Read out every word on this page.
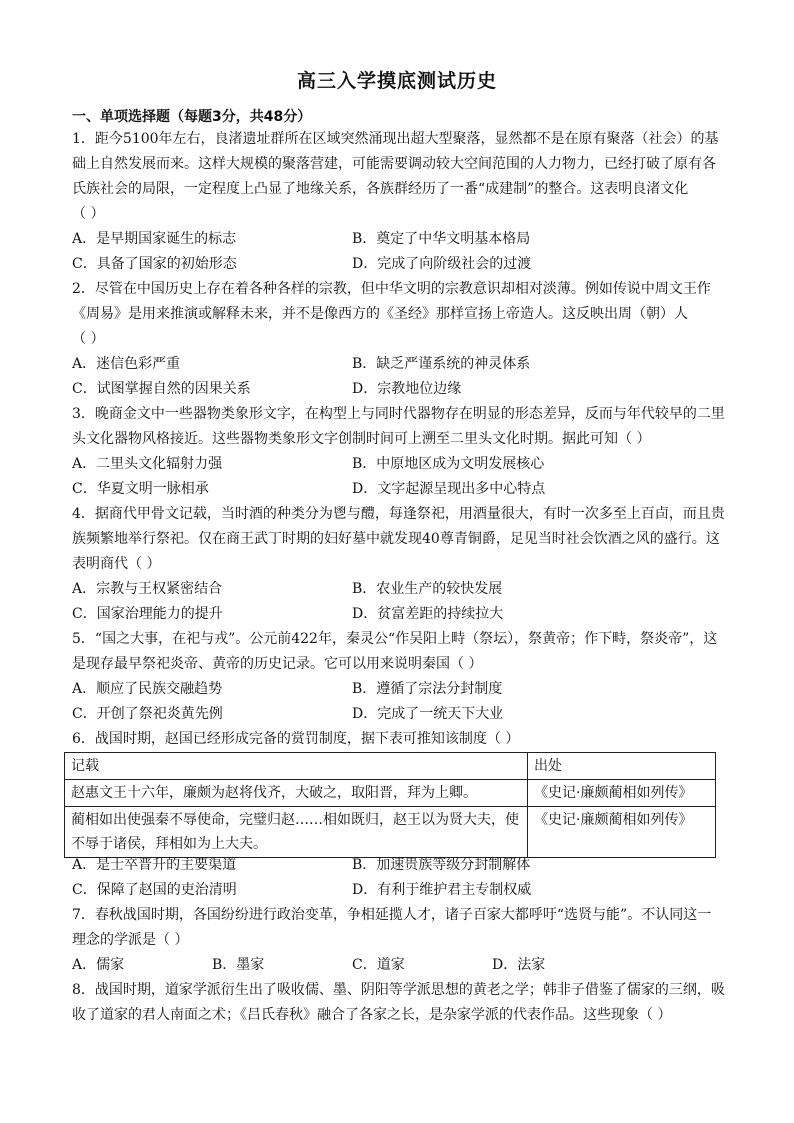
高三入学摸底测试历史
一、单项选择题（每题3分，共48分）

1．距今5100年左右，良渚遗址群所在区域突然涌现出超大型聚落，显然都不是在原有聚落（社会）的基

础上自然发展而来。这样大规模的聚落营建，可能需要调动较大空间范围的人力物力，已经打破了原有各

氏族社会的局限，一定程度上凸显了地缘关系，各族群经历了一番“成建制”的整合。这表明良渚文化

（ ）

A．是早期国家诞生的标志	B．奠定了中华文明基本格局
C．具备了国家的初始形态	D．完成了向阶级社会的过渡

2．尽管在中国历史上存在着各种各样的宗教，但中华文明的宗教意识却相对淡薄。例如传说中周文王作

《周易》是用来推演或解释未来，并不是像西方的《圣经》那样宣扬上帝造人。这反映出周（朝）人

（ ）

A．迷信色彩严重	B．缺乏严谨系统的神灵体系
C．试图掌握自然的因果关系	D．宗教地位边缘

3．晚商金文中一些器物类象形文字，在构型上与同时代器物存在明显的形态差异，反而与年代较早的二里

头文化器物风格接近。这些器物类象形文字创制时间可上溯至二里头文化时期。据此可知（ ）

A．二里头文化辐射力强	B．中原地区成为文明发展核心
C．华夏文明一脉相承	D．文字起源呈现出多中心特点

4．据商代甲骨文记载，当时酒的种类分为鬯与醴，每逢祭祀，用酒量很大，有时一次多至上百卣，而且贵

族频繁地举行祭祀。仅在商王武丁时期的妇好墓中就发现40尊青铜爵，足见当时社会饮酒之风的盛行。这

表明商代（ ）

A．宗教与王权紧密结合	B．农业生产的较快发展
C．国家治理能力的提升	D．贫富差距的持续拉大

5．“国之大事，在祀与戎”。公元前422年，秦灵公“作吴阳上畤（祭坛），祭黄帝；作下畤，祭炎帝”，这

是现存最早祭祀炎帝、黄帝的历史记录。它可以用来说明秦国（ ）

A．顺应了民族交融趋势	B．遵循了宗法分封制度
C．开创了祭祀炎黄先例	D．完成了一统天下大业

6．战国时期，赵国已经形成完备的赏罚制度，据下表可推知该制度（ ）

记载	出处
赵惠文王十六年，廉颇为赵将伐齐，大破之，取阳晋，拜为上卿。	《史记·廉颇蔺相如列传》

蔺相如出使强秦不辱使命，完璧归赵……相如既归，赵王以为贤大夫，使
不辱于诸侯，拜相如为上大夫。	《史记·廉颇蔺相如列传》
A．是士卒晋升的主要渠道	B．加速贵族等级分封制解体
C．保障了赵国的吏治清明	D．有利于维护君主专制权威

7．春秋战国时期，各国纷纷进行政治变革，争相延揽人才，诸子百家大都呼吁“选贤与能”。不认同这一

理念的学派是（ ）

A．儒家	B．墨家	C．道家	D．法家

8．战国时期，道家学派衍生出了吸收儒、墨、阴阳等学派思想的黄老之学；韩非子借鉴了儒家的三纲，吸

收了道家的君人南面之术；《吕氏春秋》融合了各家之长，是杂家学派的代表作品。这些现象（ ）
